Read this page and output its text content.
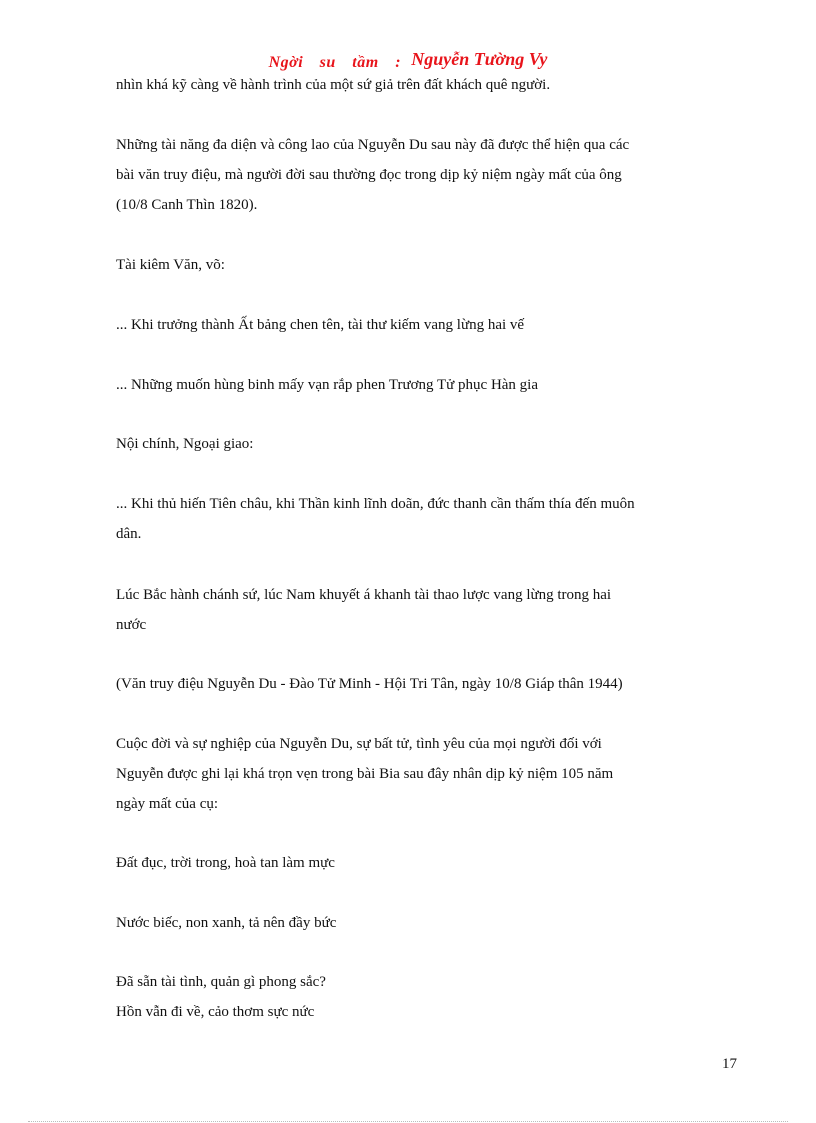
Ngời su tầm : Nguyễn Tường Vy

nhìn khá kỹ càng về hành trình của một sứ giả trên đất khách quê người.

Những tài năng đa diện và công lao của Nguyễn Du sau này đã được thể hiện qua các
bài văn truy điệu, mà người đời sau thường đọc trong dịp kỷ niệm ngày mất của ông
(10/8 Canh Thìn 1820).

Tài kiêm Văn, võ:

... Khi trưởng thành Ất bảng chen tên, tài thư kiếm vang lừng hai vế

... Những muốn hùng binh mấy vạn rắp phen Trương Tử phục Hàn gia

Nội chính, Ngoại giao:

... Khi thủ hiến Tiên châu, khi Thần kinh lĩnh doãn, đức thanh cần thấm thía đến muôn
dân.

Lúc Bắc hành chánh sứ, lúc Nam khuyết á khanh tài thao lược vang lừng trong hai
nước

(Văn truy điệu Nguyễn Du - Đào Tử Minh - Hội Tri Tân, ngày 10/8 Giáp thân 1944)

Cuộc đời và sự nghiệp của Nguyễn Du, sự bất tử, tình yêu của mọi người đối với
Nguyễn được ghi lại khá trọn vẹn trong bài Bia sau đây nhân dịp kỷ niệm 105 năm
ngày mất của cụ:

Đất đục, trời trong, hoà tan làm mực

Nước biếc, non xanh, tả nên đầy bức

Đã sẵn tài tình, quản gì phong sắc?
Hồn vẫn đi về, cảo thơm sực nức

17
